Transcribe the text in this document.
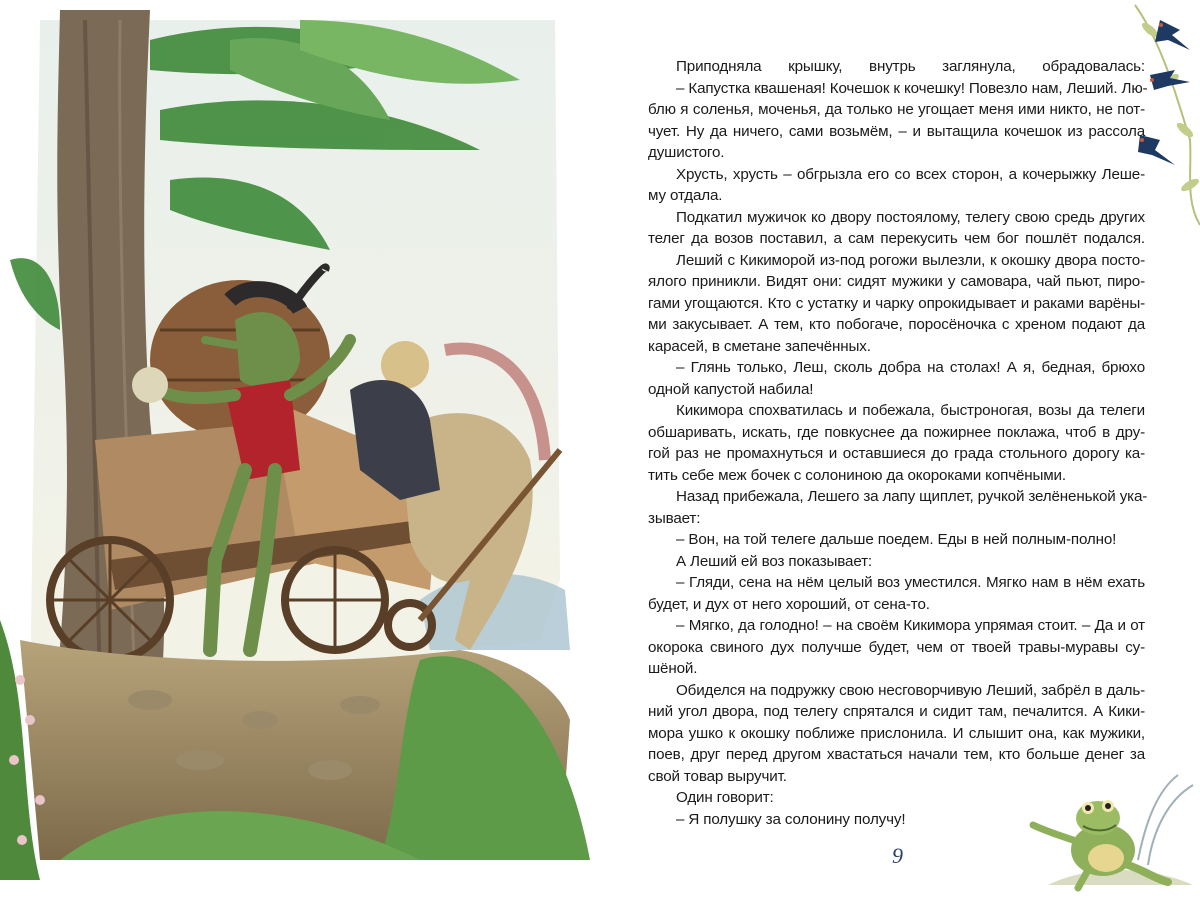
Приподняла крышку, внутрь заглянула, обрадовалась:
– Капустка квашеная! Кочешок к кочешку! Повезло нам, Леший. Лю-
блю я соленья, моченья, да только не угощает меня ими никто, не пот-
чует. Ну да ничего, сами возьмём, – и вытащила кочешок из рассола
душистого.
Хрусть, хрусть – обгрызла его со всех сторон, а кочерыжку Леше-
му отдала.
Подкатил мужичок ко двору постоялому, телегу свою средь других
телег да возов поставил, а сам перекусить чем бог пошлёт подался.
Леший с Кикиморой из-под рогожи вылезли, к окошку двора посто-
ялого приникли. Видят они: сидят мужики у самовара, чай пьют, пиро-
гами угощаются. Кто с устатку и чарку опрокидывает и раками варёны-
ми закусывает. А тем, кто побогаче, поросёночка с хреном подают да
карасей, в сметане запечённых.
– Глянь только, Леш, сколь добра на столах! А я, бедная, брюхо
одной капустой набила!
Кикимора спохватилась и побежала, быстроногая, возы да телеги
обшаривать, искать, где повкуснее да пожирнее поклажа, чтоб в дру-
гой раз не промахнуться и оставшиеся до града стольного дорогу ка-
тить себе меж бочек с солониною да окороками копчёными.
Назад прибежала, Лешего за лапу щиплет, ручкой зелёненькой ука-
зывает:
– Вон, на той телеге дальше поедем. Еды в ней полным-полно!
А Леший ей воз показывает:
– Гляди, сена на нём целый воз уместился. Мягко нам в нём ехать
будет, и дух от него хороший, от сена-то.
– Мягко, да голодно! – на своём Кикимора упрямая стоит. – Да и от
окорока свиного дух получше будет, чем от твоей травы-муравы су-
шёной.
Обиделся на подружку свою несговорчивую Леший, забрёл в даль-
ний угол двора, под телегу спрятался и сидит там, печалится. А Кики-
мора ушко к окошку поближе прислонила. И слышит она, как мужики,
поев, друг перед другом хвастаться начали тем, кто больше денег за
свой товар выручит.
Один говорит:
– Я полушку за солонину получу!
9
